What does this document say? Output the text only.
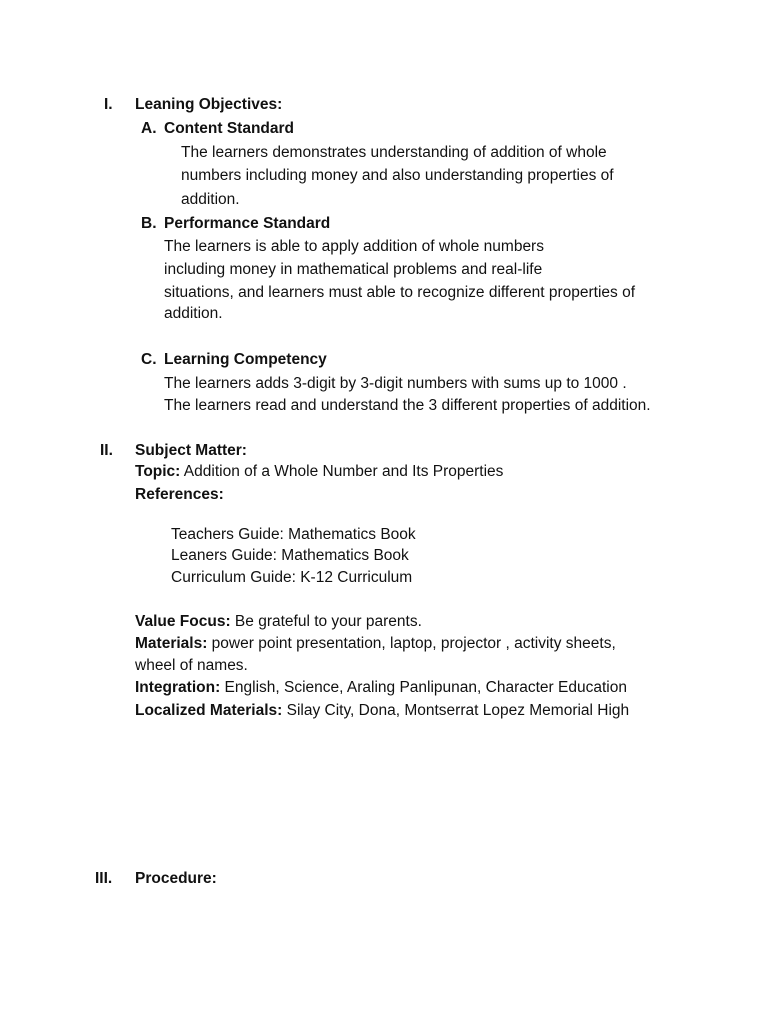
I. Leaning Objectives:
A. Content Standard
The learners demonstrates understanding of addition of whole
numbers including money and also understanding properties of
addition.
B. Performance Standard
The learners is able to apply addition of whole numbers
including money in mathematical problems and real-life
situations, and learners must able to recognize different properties of
addition.
C. Learning Competency
The learners adds 3-digit by 3-digit numbers with sums up to 1000 .
The learners read and understand the 3 different properties of addition.
II. Subject Matter:
Topic: Addition of a Whole Number and Its Properties
References:
Teachers Guide: Mathematics Book
Leaners Guide: Mathematics Book
Curriculum Guide: K-12 Curriculum
Value Focus: Be grateful to your parents.
Materials: power point presentation, laptop, projector , activity sheets,
wheel of names.
Integration: English, Science, Araling Panlipunan, Character Education
Localized Materials: Silay City, Dona, Montserrat Lopez Memorial High
III. Procedure:
